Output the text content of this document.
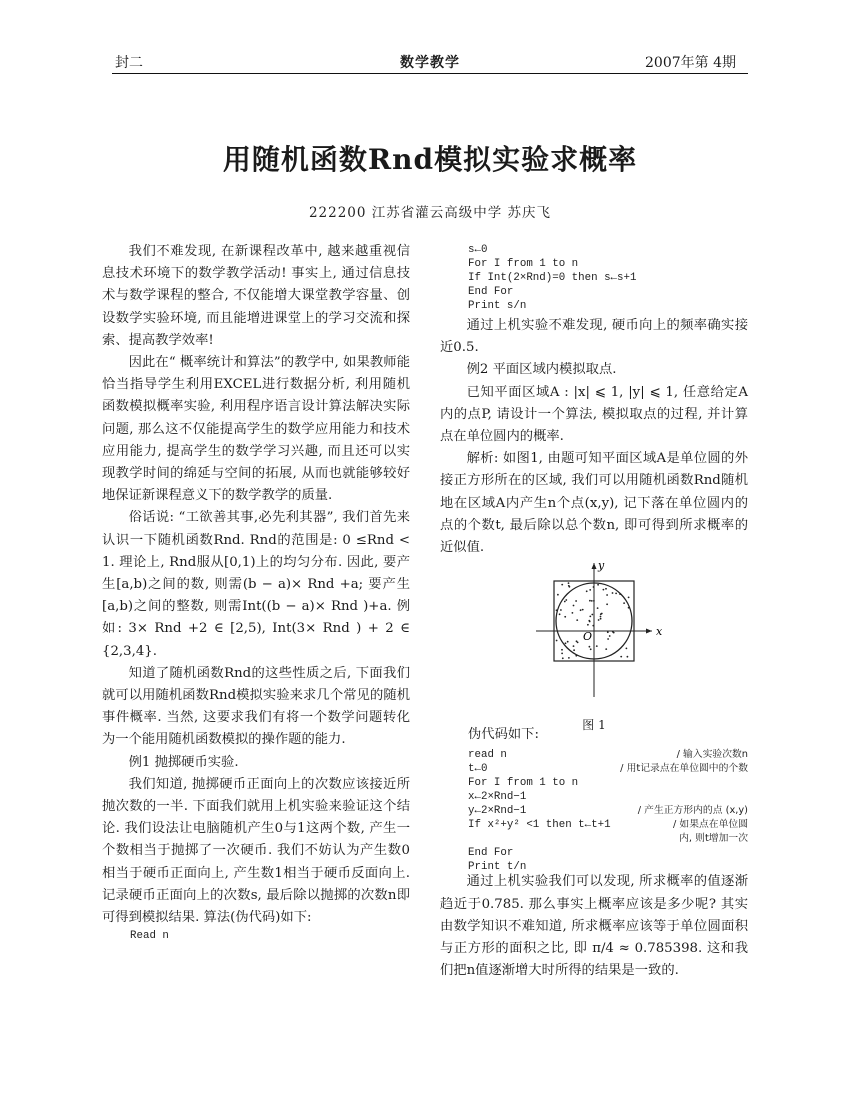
封二	数学教学	2007年第 4期
用随机函数Rnd模拟实验求概率
222200 江苏省灌云高级中学 苏庆飞

我们不难发现, 在新课程改革中, 越来越重视信息技术环境下的数学教学活动! 事实上, 通过信息技术与数学课程的整合, 不仅能增大课堂教学容量、创设数学实验环境, 而且能增进课堂上的学习交流和探索、提高教学效率!

因此在“ 概率统计和算法”的教学中, 如果教师能恰当指导学生利用EXCEL进行数据分析, 利用随机函数模拟概率实验, 利用程序语言设计算法解决实际问题, 那么这不仅能提高学生的数学应用能力和技术应用能力, 提高学生的数学学习兴趣, 而且还可以实现教学时间的绵延与空间的拓展, 从而也就能够较好地保证新课程意义下的数学教学的质量.

俗话说: “工欲善其事,必先利其器”, 我们首先来认识一下随机函数Rnd. Rnd的范围是: 0 ≤Rnd < 1. 理论上, Rnd服从[0,1)上的均匀分布. 因此, 要产生[a,b)之间的数, 则需(b − a)× Rnd +a; 要产生[a,b)之间的整数, 则需Int((b − a)× Rnd )+a. 例如: 3× Rnd +2 ∈ [2,5), Int(3× Rnd ) + 2 ∈ {2,3,4}.

知道了随机函数Rnd的这些性质之后, 下面我们就可以用随机函数Rnd模拟实验来求几个常见的随机事件概率. 当然, 这要求我们有将一个数学问题转化为一个能用随机函数模拟的操作题的能力.

例1 抛掷硬币实验.

我们知道, 抛掷硬币正面向上的次数应该接近所抛次数的一半. 下面我们就用上机实验来验证这个结论. 我们设法让电脑随机产生0与1这两个数, 产生一个数相当于抛掷了一次硬币. 我们不妨认为产生数0相当于硬币正面向上, 产生数1相当于硬币反面向上. 记录硬币正面向上的次数s, 最后除以抛掷的次数n即可得到模拟结果. 算法(伪代码)如下:

Read n
s←0
For I from 1 to n
If Int(2×Rnd)=0 then s←s+1
End For
Print s/n

通过上机实验不难发现, 硬币向上的频率确实接近0.5.

例2 平面区域内模拟取点.

已知平面区域A : |x| ⩽ 1, |y| ⩽ 1, 任意给定A内的点P, 请设计一个算法, 模拟取点的过程, 并计算点在单位圆内的概率.

解析: 如图1, 由题可知平面区域A是单位圆的外接正方形所在的区域, 我们可以用随机函数Rnd随机地在区域A内产生n个点(x,y), 记下落在单位圆内的点的个数t, 最后除以总个数n, 即可得到所求概率的近似值.

x
y
O
图 1

伪代码如下:

read n
t←0
For I from 1 to n
x←2×Rnd−1
y←2×Rnd−1
If x²+y² <1 then t←t+1
End For
Print t/n
/ 输入实验次数n
/ 用t记录点在单位圆中的个数
/ 产生正方形内的点 (x,y)
/ 如果点在单位圆
内, 则t增加一次

通过上机实验我们可以发现, 所求概率的值逐渐趋近于0.785. 那么事实上概率应该是多少呢? 其实由数学知识不难知道, 所求概率应该等于单位圆面积与正方形的面积之比, 即 π/4 ≈ 0.785398. 这和我们把n值逐渐增大时所得的结果是一致的.
